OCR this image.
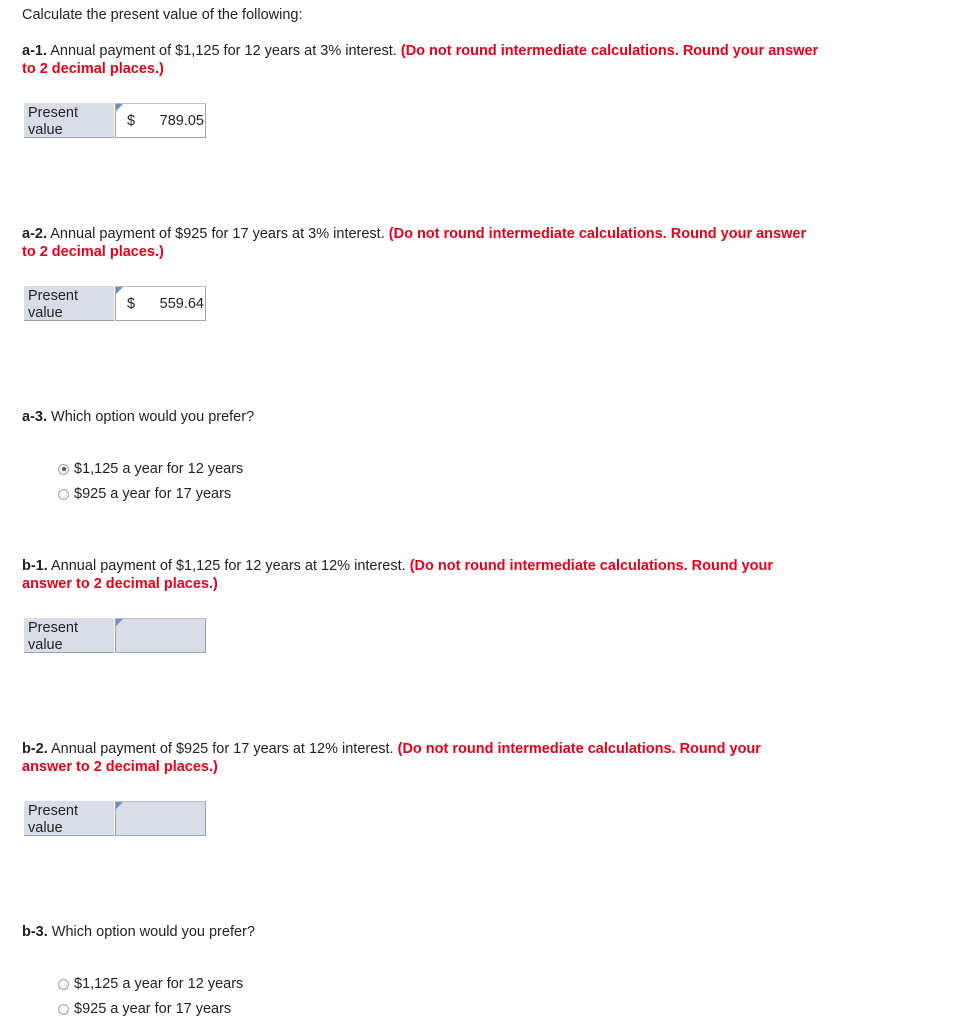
Calculate the present value of the following:
a-1. Annual payment of $1,125 for 12 years at 3% interest. (Do not round intermediate calculations. Round your answer
to 2 decimal places.)
Present
value
$ 789.05
a-2. Annual payment of $925 for 17 years at 3% interest. (Do not round intermediate calculations. Round your answer
to 2 decimal places.)
Present
value
$ 559.64
a-3. Which option would you prefer?
$1,125 a year for 12 years
$925 a year for 17 years
b-1. Annual payment of $1,125 for 12 years at 12% interest. (Do not round intermediate calculations. Round your
answer to 2 decimal places.)
Present
value
b-2. Annual payment of $925 for 17 years at 12% interest. (Do not round intermediate calculations. Round your
answer to 2 decimal places.)
Present
value
b-3. Which option would you prefer?
$1,125 a year for 12 years
$925 a year for 17 years
